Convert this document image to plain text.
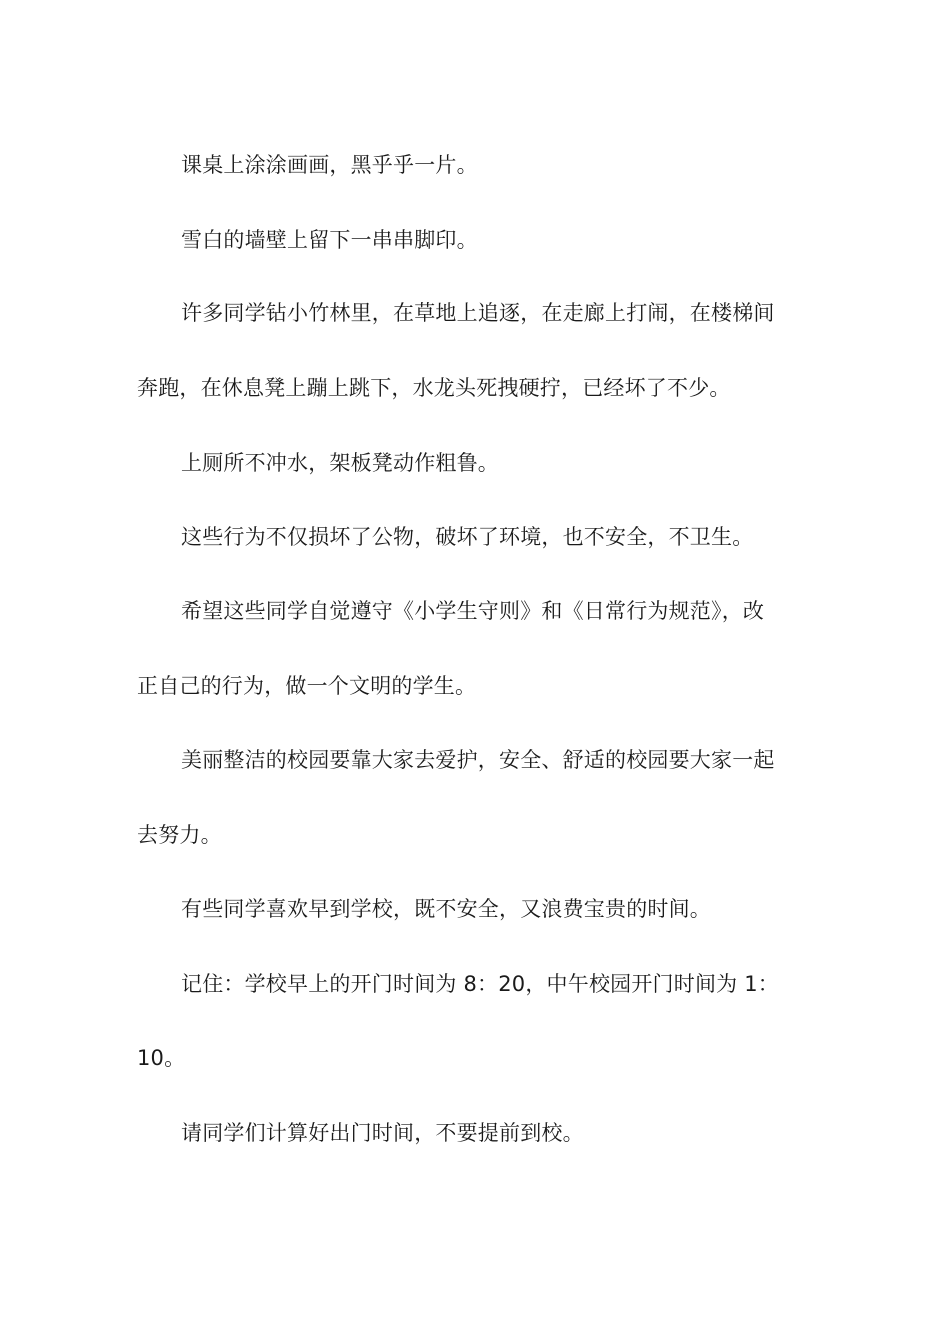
课桌上涂涂画画，黑乎乎一片。
雪白的墙壁上留下一串串脚印。
许多同学钻小竹林里，在草地上追逐，在走廊上打闹，在楼梯间
奔跑，在休息凳上蹦上跳下，水龙头死拽硬拧，已经坏了不少。
上厕所不冲水，架板凳动作粗鲁。
这些行为不仅损坏了公物，破坏了环境，也不安全，不卫生。
希望这些同学自觉遵守《小学生守则》和《日常行为规范》，改
正自己的行为，做一个文明的学生。
美丽整洁的校园要靠大家去爱护，安全、舒适的校园要大家一起
去努力。
有些同学喜欢早到学校，既不安全，又浪费宝贵的时间。
记住：学校早上的开门时间为 8：20，中午校园开门时间为 1：
10。
请同学们计算好出门时间，不要提前到校。
